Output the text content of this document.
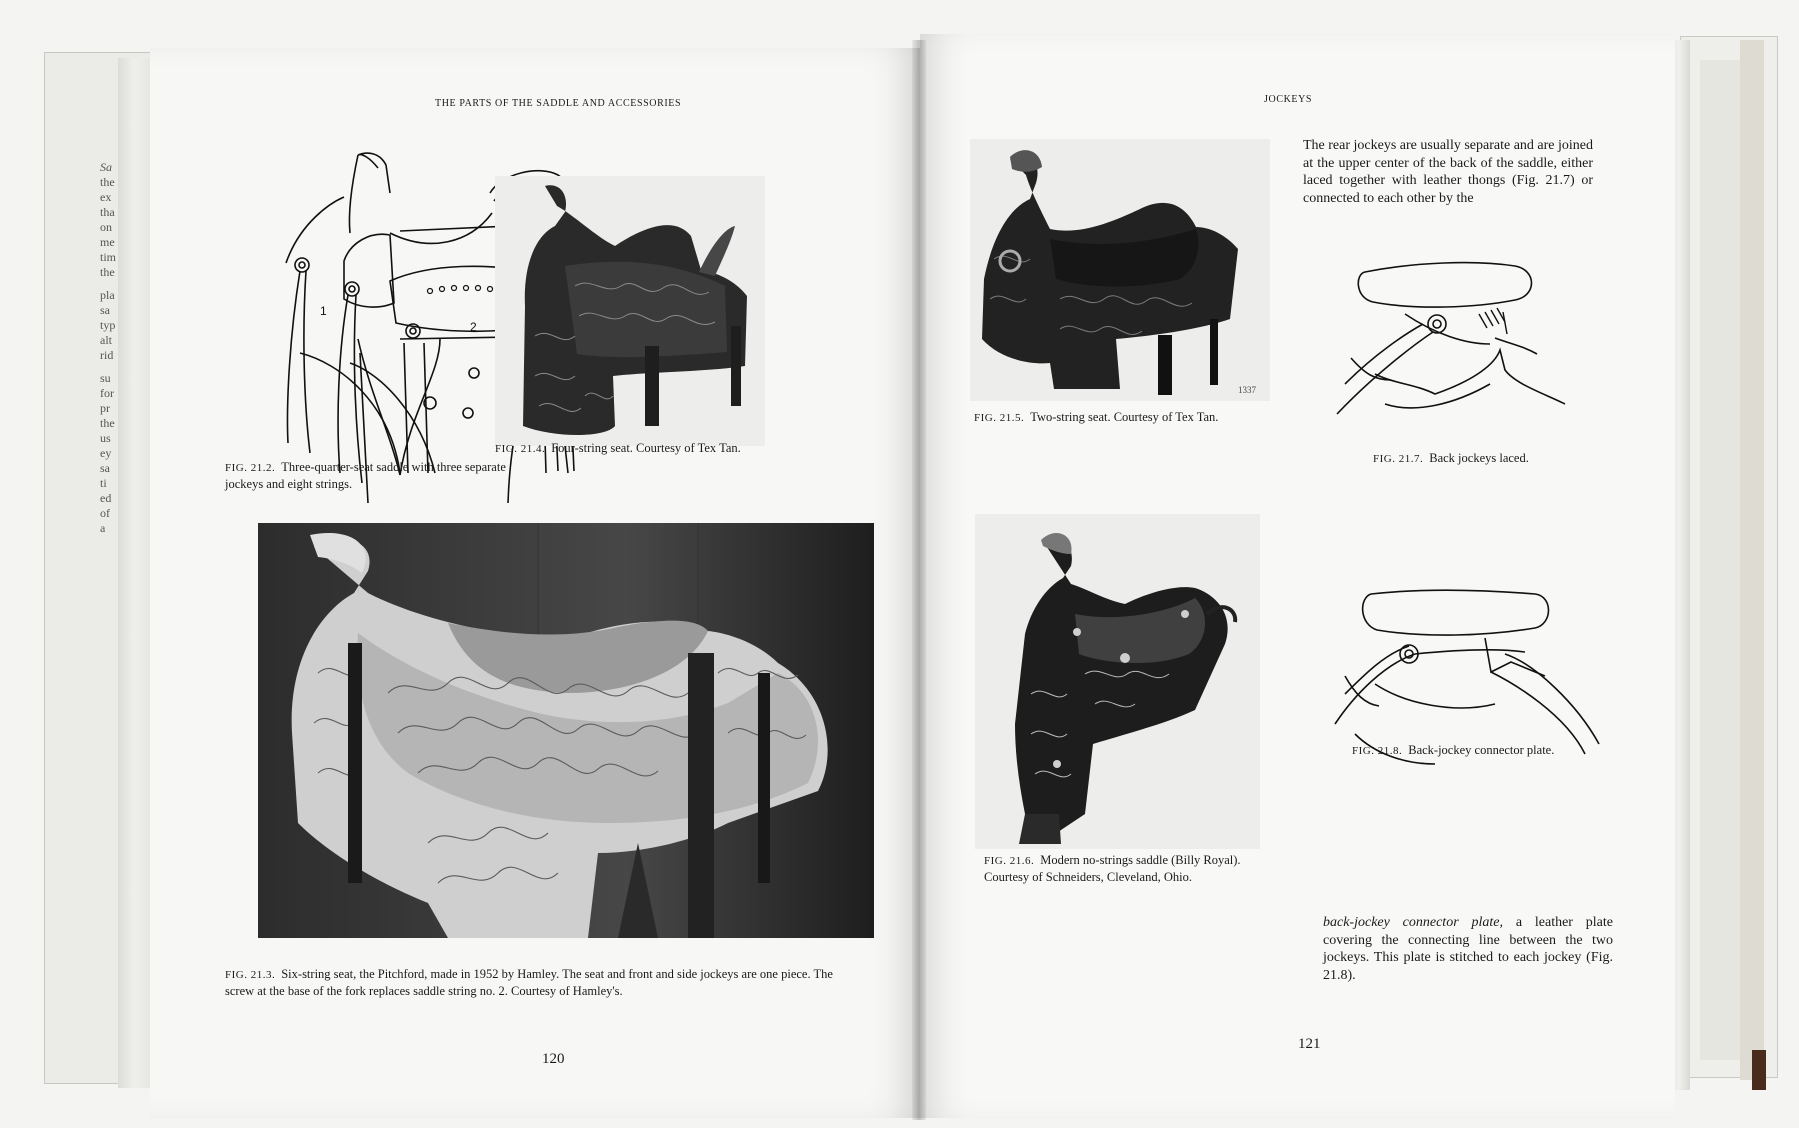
Sa
the
ex
tha
on
me
tim
the
pla
sa
typ
alt
rid
su
for
pr
the
us
ey
sa
ti
ed
of
a
THE PARTS OF THE SADDLE AND ACCESSORIES
1
2
FIG. 21.2. Three-quarter-seat saddle with three separate jockeys and eight strings.
FIG. 21.4. Four-string seat. Courtesy of Tex Tan.
FIG. 21.3. Six-string seat, the Pitchford, made in 1952 by Hamley. The seat and front and side jockeys are one piece. The screw at the base of the fork replaces saddle string no. 2. Courtesy of Hamley's.
120
JOCKEYS
The rear jockeys are usually separate and are joined at the upper center of the back of the saddle, either laced together with leather thongs (Fig. 21.7) or connected to each other by the
1337
FIG. 21.5. Two-string seat. Courtesy of Tex Tan.
FIG. 21.7. Back jockeys laced.
FIG. 21.6. Modern no-strings saddle (Billy Royal). Courtesy of Schneiders, Cleveland, Ohio.
FIG. 21.8. Back-jockey connector plate.
back-jockey connector plate, a leather plate covering the connecting line between the two jockeys. This plate is stitched to each jockey (Fig. 21.8).
121
